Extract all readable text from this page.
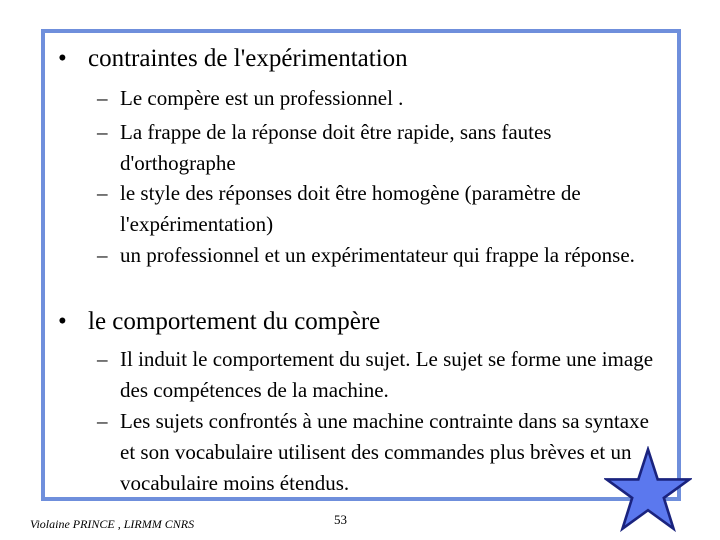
• contraintes de l'expérimentation
– Le compère est un professionnel .
– La frappe de la réponse doit être rapide, sans fautes d'orthographe
– le style des réponses doit être homogène (paramètre de l'expérimentation)
– un professionnel et un expérimentateur qui frappe la réponse.
• le comportement du compère
– Il induit le comportement du sujet. Le sujet se forme une image des compétences de la machine.
– Les sujets confrontés à une machine contrainte dans sa syntaxe et son vocabulaire utilisent des commandes plus brèves et un vocabulaire moins étendus.
Violaine PRINCE , LIRMM CNRS	53
